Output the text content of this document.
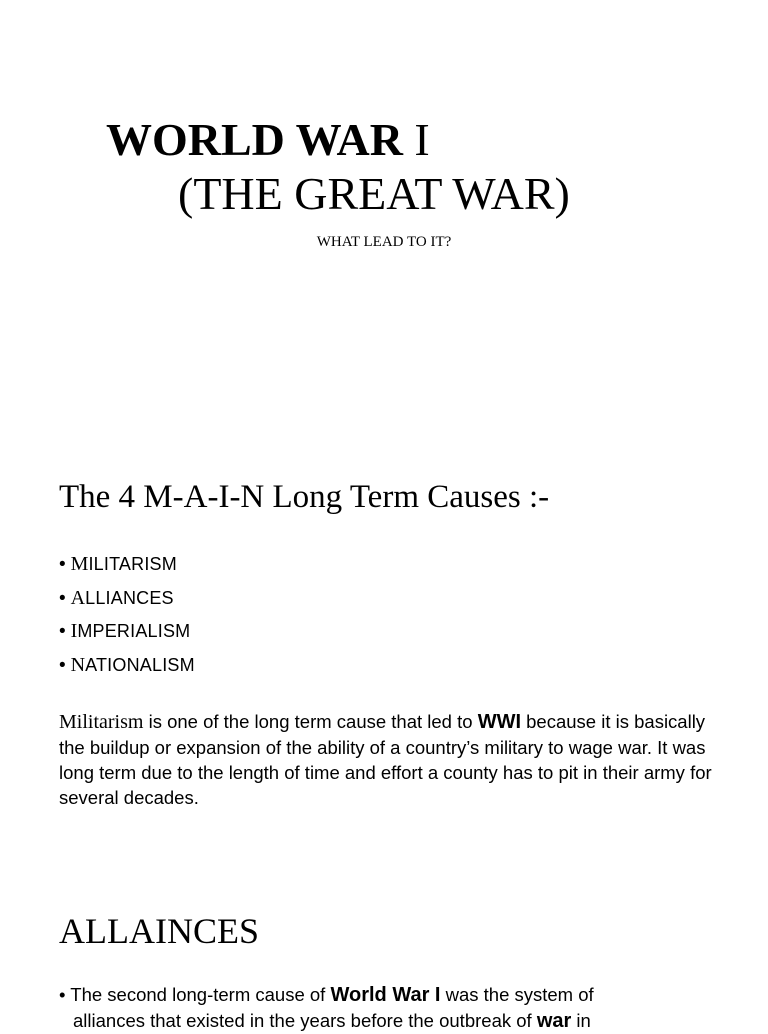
WORLD WAR I
(THE GREAT WAR)
WHAT LEAD TO IT?
The 4 M-A-I-N Long Term Causes :-
• MILITARISM
• ALLIANCES
• IMPERIALISM
• NATIONALISM

Militarism is one of the long term cause that led to WWI because it is basically the buildup or expansion of the ability of a country’s military to wage war. It was long term due to the length of time and effort a county has to pit in their army for several decades.

ALLAINCES
• The second long-term cause of World War I was the system of
alliances that existed in the years before the outbreak of war in
